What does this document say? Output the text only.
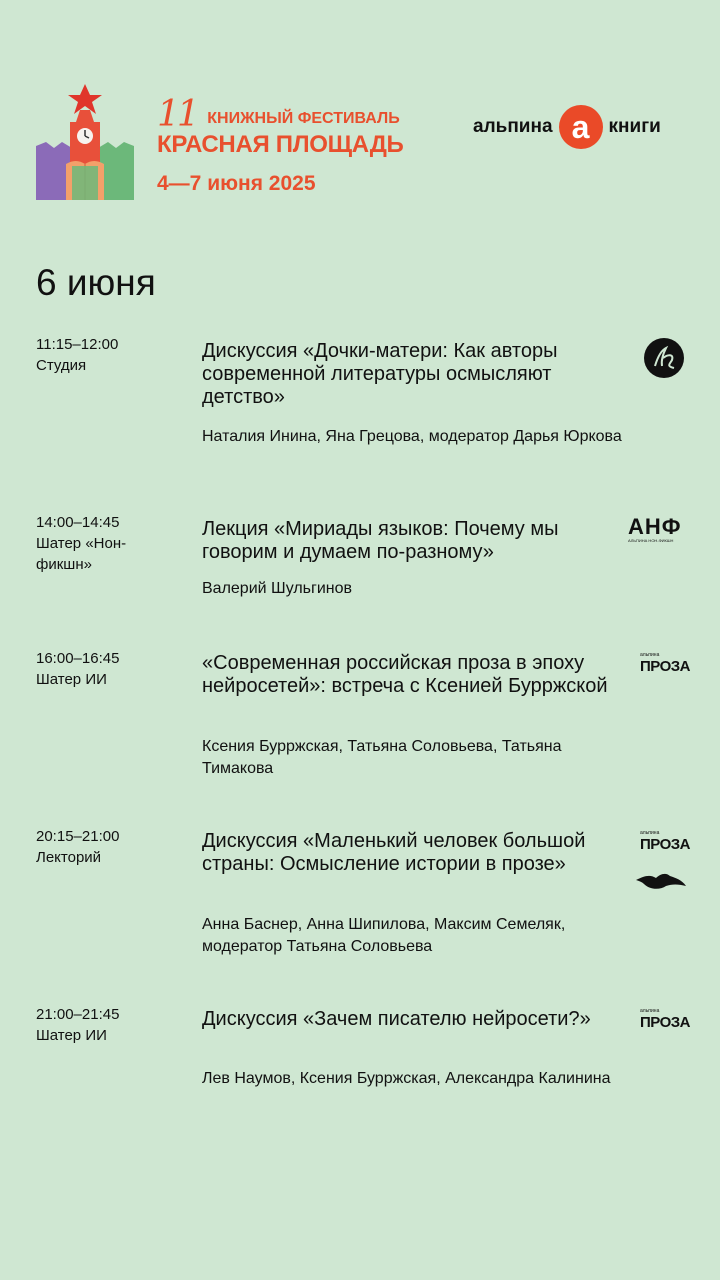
11 КНИЖНЫЙ ФЕСТИВАЛЬ
КРАСНАЯ ПЛОЩАДЬ
4—7 июня 2025
альпина а	книги
6 июня
11:15–12:00
Студия
Дискуссия «Дочки-матери: Как авторы современной литературы осмысляют детство»
Наталия Инина, Яна Грецова, модератор Дарья Юркова
14:00–14:45
Шатер «Нон-фикшн»
Лекция «Мириады языков: Почему мы говорим и думаем по-разному»
Валерий Шульгинов
АНФ
АЛЬПИНА НОН-ФИКШН
16:00–16:45
Шатер ИИ
«Современная российская проза в эпоху нейросетей»: встреча с Ксенией Бурржской
Ксения Бурржская, Татьяна Соловьева, Татьяна Тимакова
альпина
ПРОЗА
20:15–21:00
Лекторий
Дискуссия «Маленький человек большой страны: Осмысление истории в прозе»
Анна Баснер, Анна Шипилова, Максим Семеляк, модератор Татьяна Соловьева
альпина
ПРОЗА
21:00–21:45
Шатер ИИ
Дискуссия «Зачем писателю нейросети?»
Лев Наумов, Ксения Бурржская, Александра Калинина
альпина
ПРОЗА
